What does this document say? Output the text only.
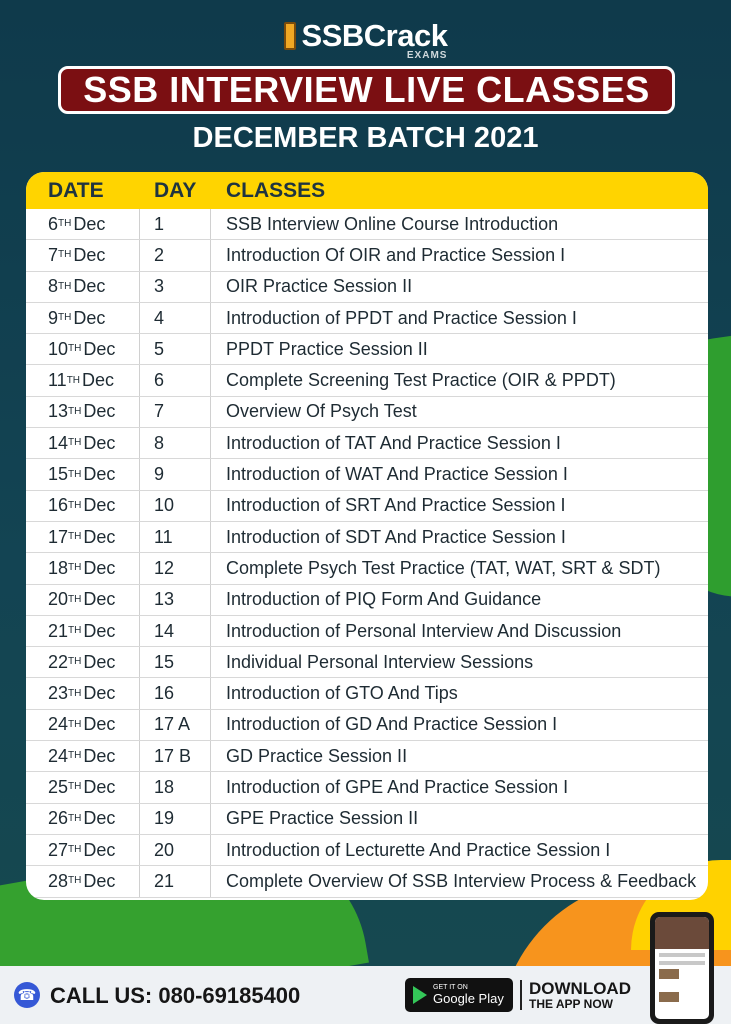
SSBCrack
EXAMS
SSB INTERVIEW LIVE CLASSES
DECEMBER BATCH 2021
DATE	DAY	CLASSES
6 TH Dec	1	SSB Interview Online Course Introduction
7 TH Dec	2	Introduction Of OIR and Practice Session I
8 TH Dec	3	OIR Practice Session II
9 TH Dec	4	Introduction of PPDT and Practice Session I
10 TH Dec	5	PPDT Practice Session II
11 TH Dec	6	Complete Screening Test Practice (OIR & PPDT)
13 TH Dec	7	Overview Of Psych Test
14 TH Dec	8	Introduction of TAT And Practice Session I
15 TH Dec	9	Introduction of WAT And Practice Session I
16 TH Dec	10	Introduction of SRT And Practice Session I
17 TH Dec	11	Introduction of SDT And Practice Session I
18 TH Dec	12	Complete Psych Test Practice (TAT, WAT, SRT & SDT)
20 TH Dec	13	Introduction of PIQ Form And Guidance
21 TH Dec	14	Introduction of Personal Interview And Discussion
22 TH Dec	15	Individual Personal Interview Sessions
23 TH Dec	16	Introduction of GTO And Tips
24 TH Dec	17 A	Introduction of GD And Practice Session I
24 TH Dec	17 B	GD Practice Session II
25 TH Dec	18	Introduction of GPE And Practice Session I
26 TH Dec	19	GPE Practice Session II
27 TH Dec	20	Introduction of Lecturette And Practice Session I
28 TH Dec	21	Complete Overview Of SSB Interview Process & Feedback
☎ CALL US: 080-69185400	GET IT ON
Google Play
DOWNLOAD
THE APP NOW
